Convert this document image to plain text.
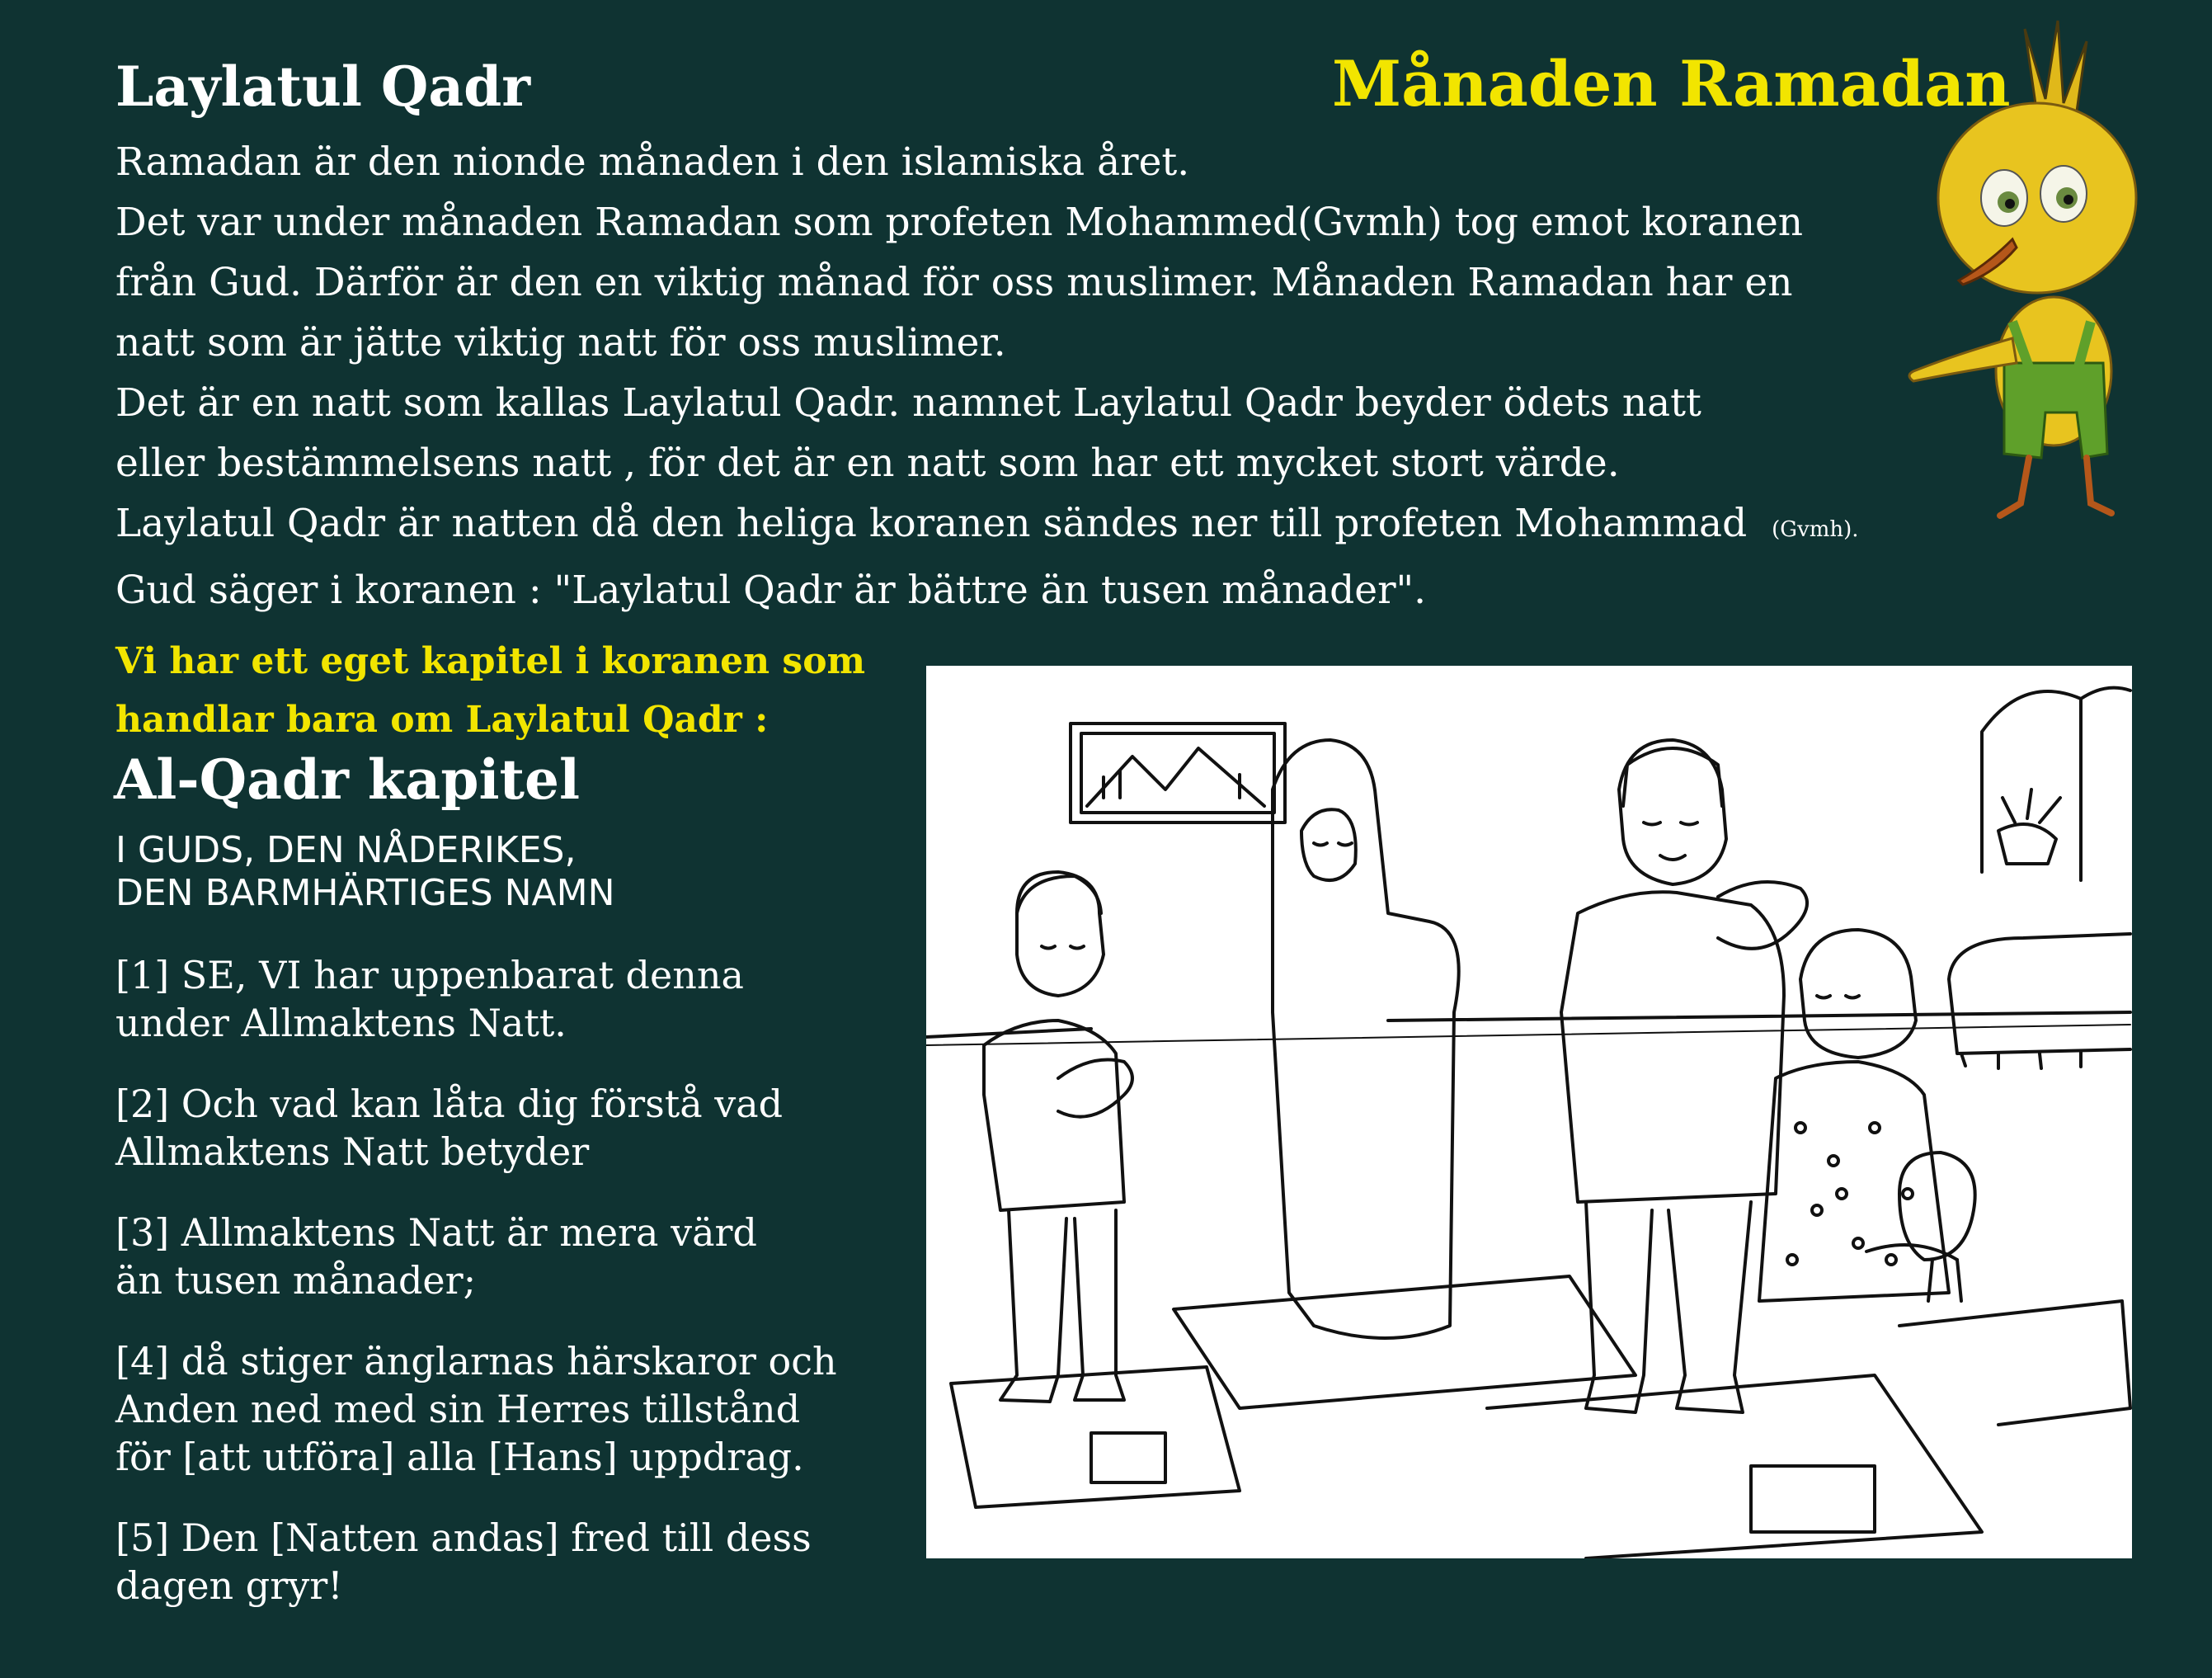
Laylatul Qadr	Månaden Ramadan
Ramadan är den nionde månaden i den islamiska året.
Det var under månaden Ramadan som profeten Mohammed(Gvmh) tog emot koranen
från Gud. Därför är den en viktig månad för oss muslimer. Månaden Ramadan har en
natt som är jätte viktig natt för oss muslimer.
Det är en natt som kallas Laylatul Qadr. namnet Laylatul Qadr beyder ödets natt
eller bestämmelsens natt , för det är en natt som har ett mycket stort värde.
Laylatul Qadr är natten då den heliga koranen sändes ner till profeten Mohammad (Gvmh).
Gud säger i koranen : "Laylatul Qadr är bättre än tusen månader".
Vi har ett eget kapitel i koranen som
handlar bara om Laylatul Qadr :
Al-Qadr kapitel

I GUDS, DEN NÅDERIKES,
DEN BARMHÄRTIGES NAMN

[1] SE, VI har uppenbarat denna
under Allmaktens Natt.

[2] Och vad kan låta dig förstå vad
Allmaktens Natt betyder

[3] Allmaktens Natt är mera värd
än tusen månader;

[4] då stiger änglarnas härskaror och
Anden ned med sin Herres tillstånd
för [att utföra] alla [Hans] uppdrag.

[5] Den [Natten andas] fred till dess
dagen gryr!
